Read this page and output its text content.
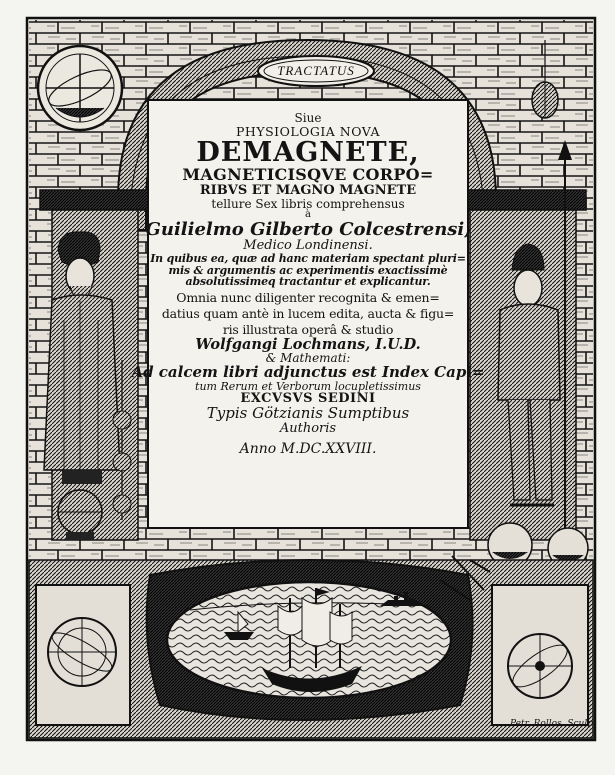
TRACTATUS
Siue
PHYSIOLOGIA NOVA
DEMAGNETE,
MAGNETICISQVE CORPO=
RIBVS ET MAGNO MAGNETE
tellure Sex libris comprehensus
à
Guilielmo Gilberto Colcestrensi,
Medico Londinensi.
In quibus ea, quæ ad hanc materiam spectant pluri=
mis & argumentis ac experimentis exactissimè
absolutissimeq tractantur et explicantur.
Omnia nunc diligenter recognita & emen=
datius quam antè in lucem edita, aucta & figu=
ris illustrata operâ & studio
Wolfgangi Lochmans, I.U.D.
& Mathemati:
Ad calcem libri adjunctus est Index Capi=
tum Rerum et Verborum locupletissimus
EXCVSVS SEDINI
Typis Götzianis Sumptibus
Authoris
Anno M.DC.XXVIII.
Petr. Rollos. Sculp.
